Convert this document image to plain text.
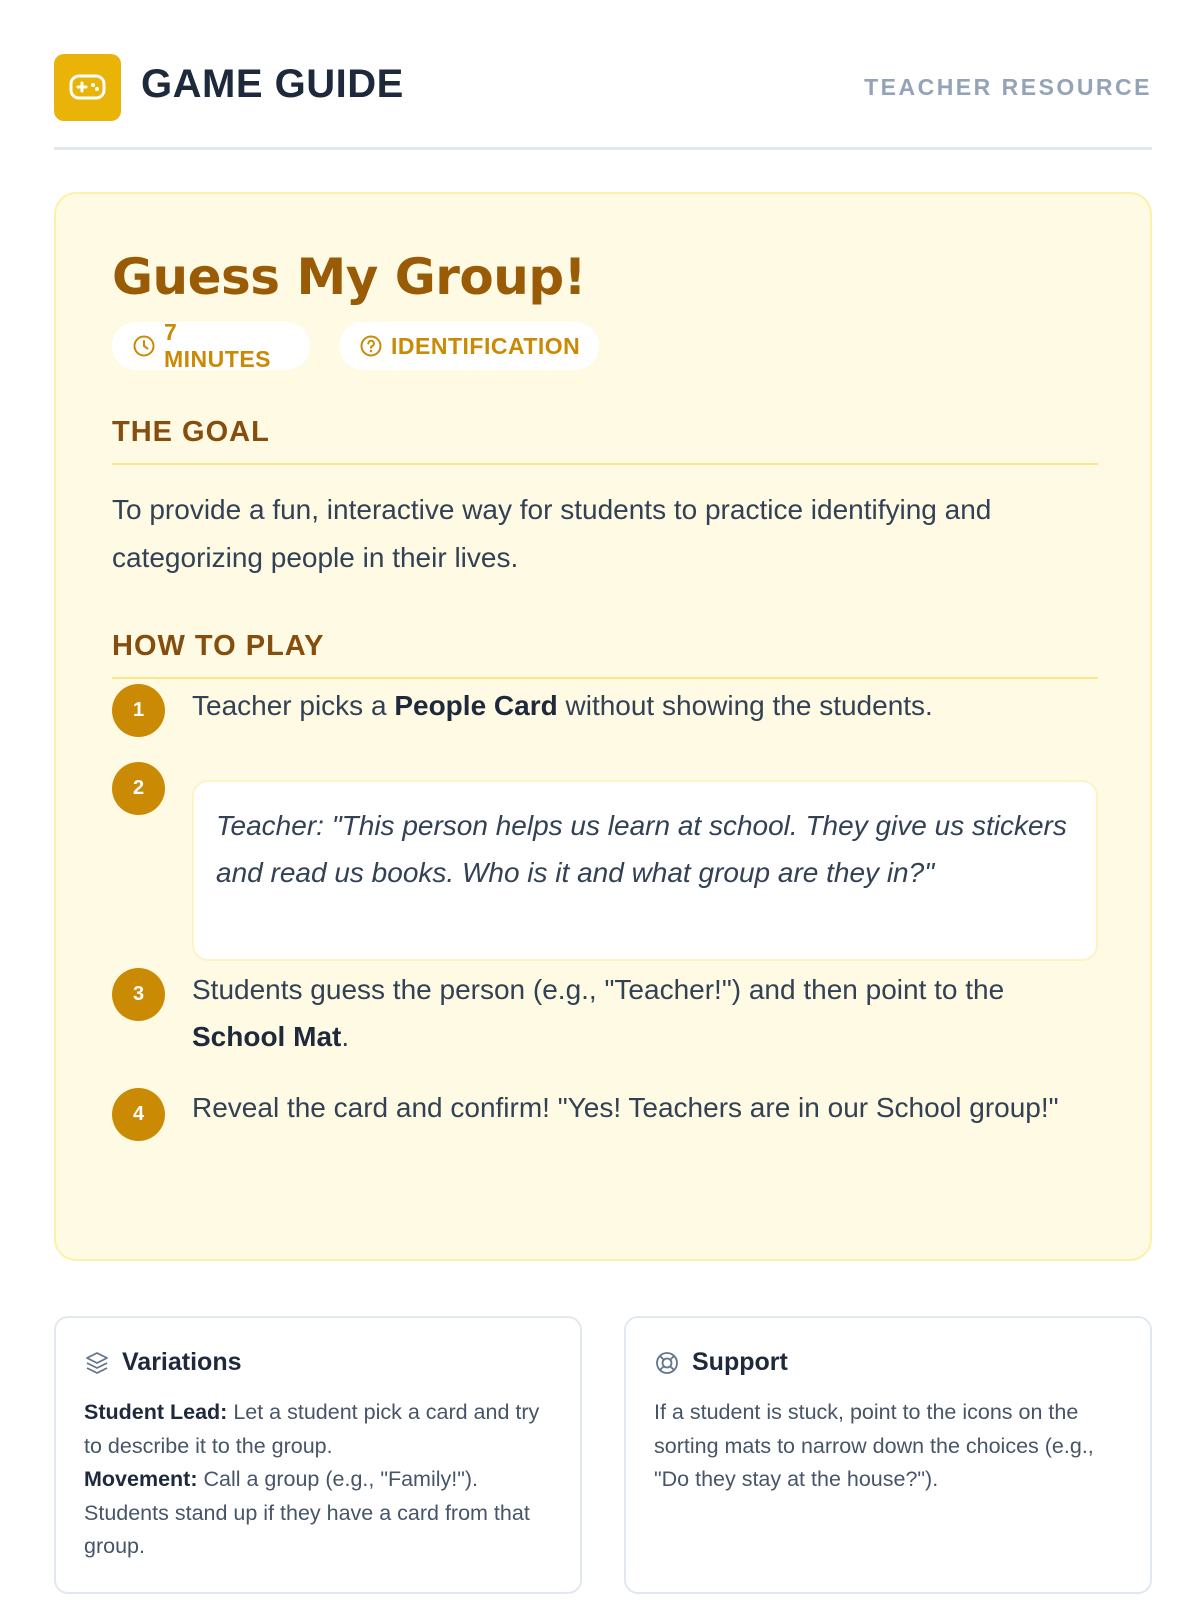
GAME GUIDE	TEACHER RESOURCE
Guess My Group!
7 MINUTES
IDENTIFICATION
THE GOAL
To provide a fun, interactive way for students to practice identifying and categorizing people in their lives.
HOW TO PLAY
1	Teacher picks a People Card without showing the students.
2
Teacher: "This person helps us learn at school. They give us stickers and read us books. Who is it and what group are they in?"
3	Students guess the person (e.g., "Teacher!") and then point to the School Mat.
4	Reveal the card and confirm! "Yes! Teachers are in our School group!"
Variations
Student Lead: Let a student pick a card and try to describe it to the group.
Movement: Call a group (e.g., "Family!"). Students stand up if they have a card from that group.
Support
If a student is stuck, point to the icons on the sorting mats to narrow down the choices (e.g., "Do they stay at the house?").
